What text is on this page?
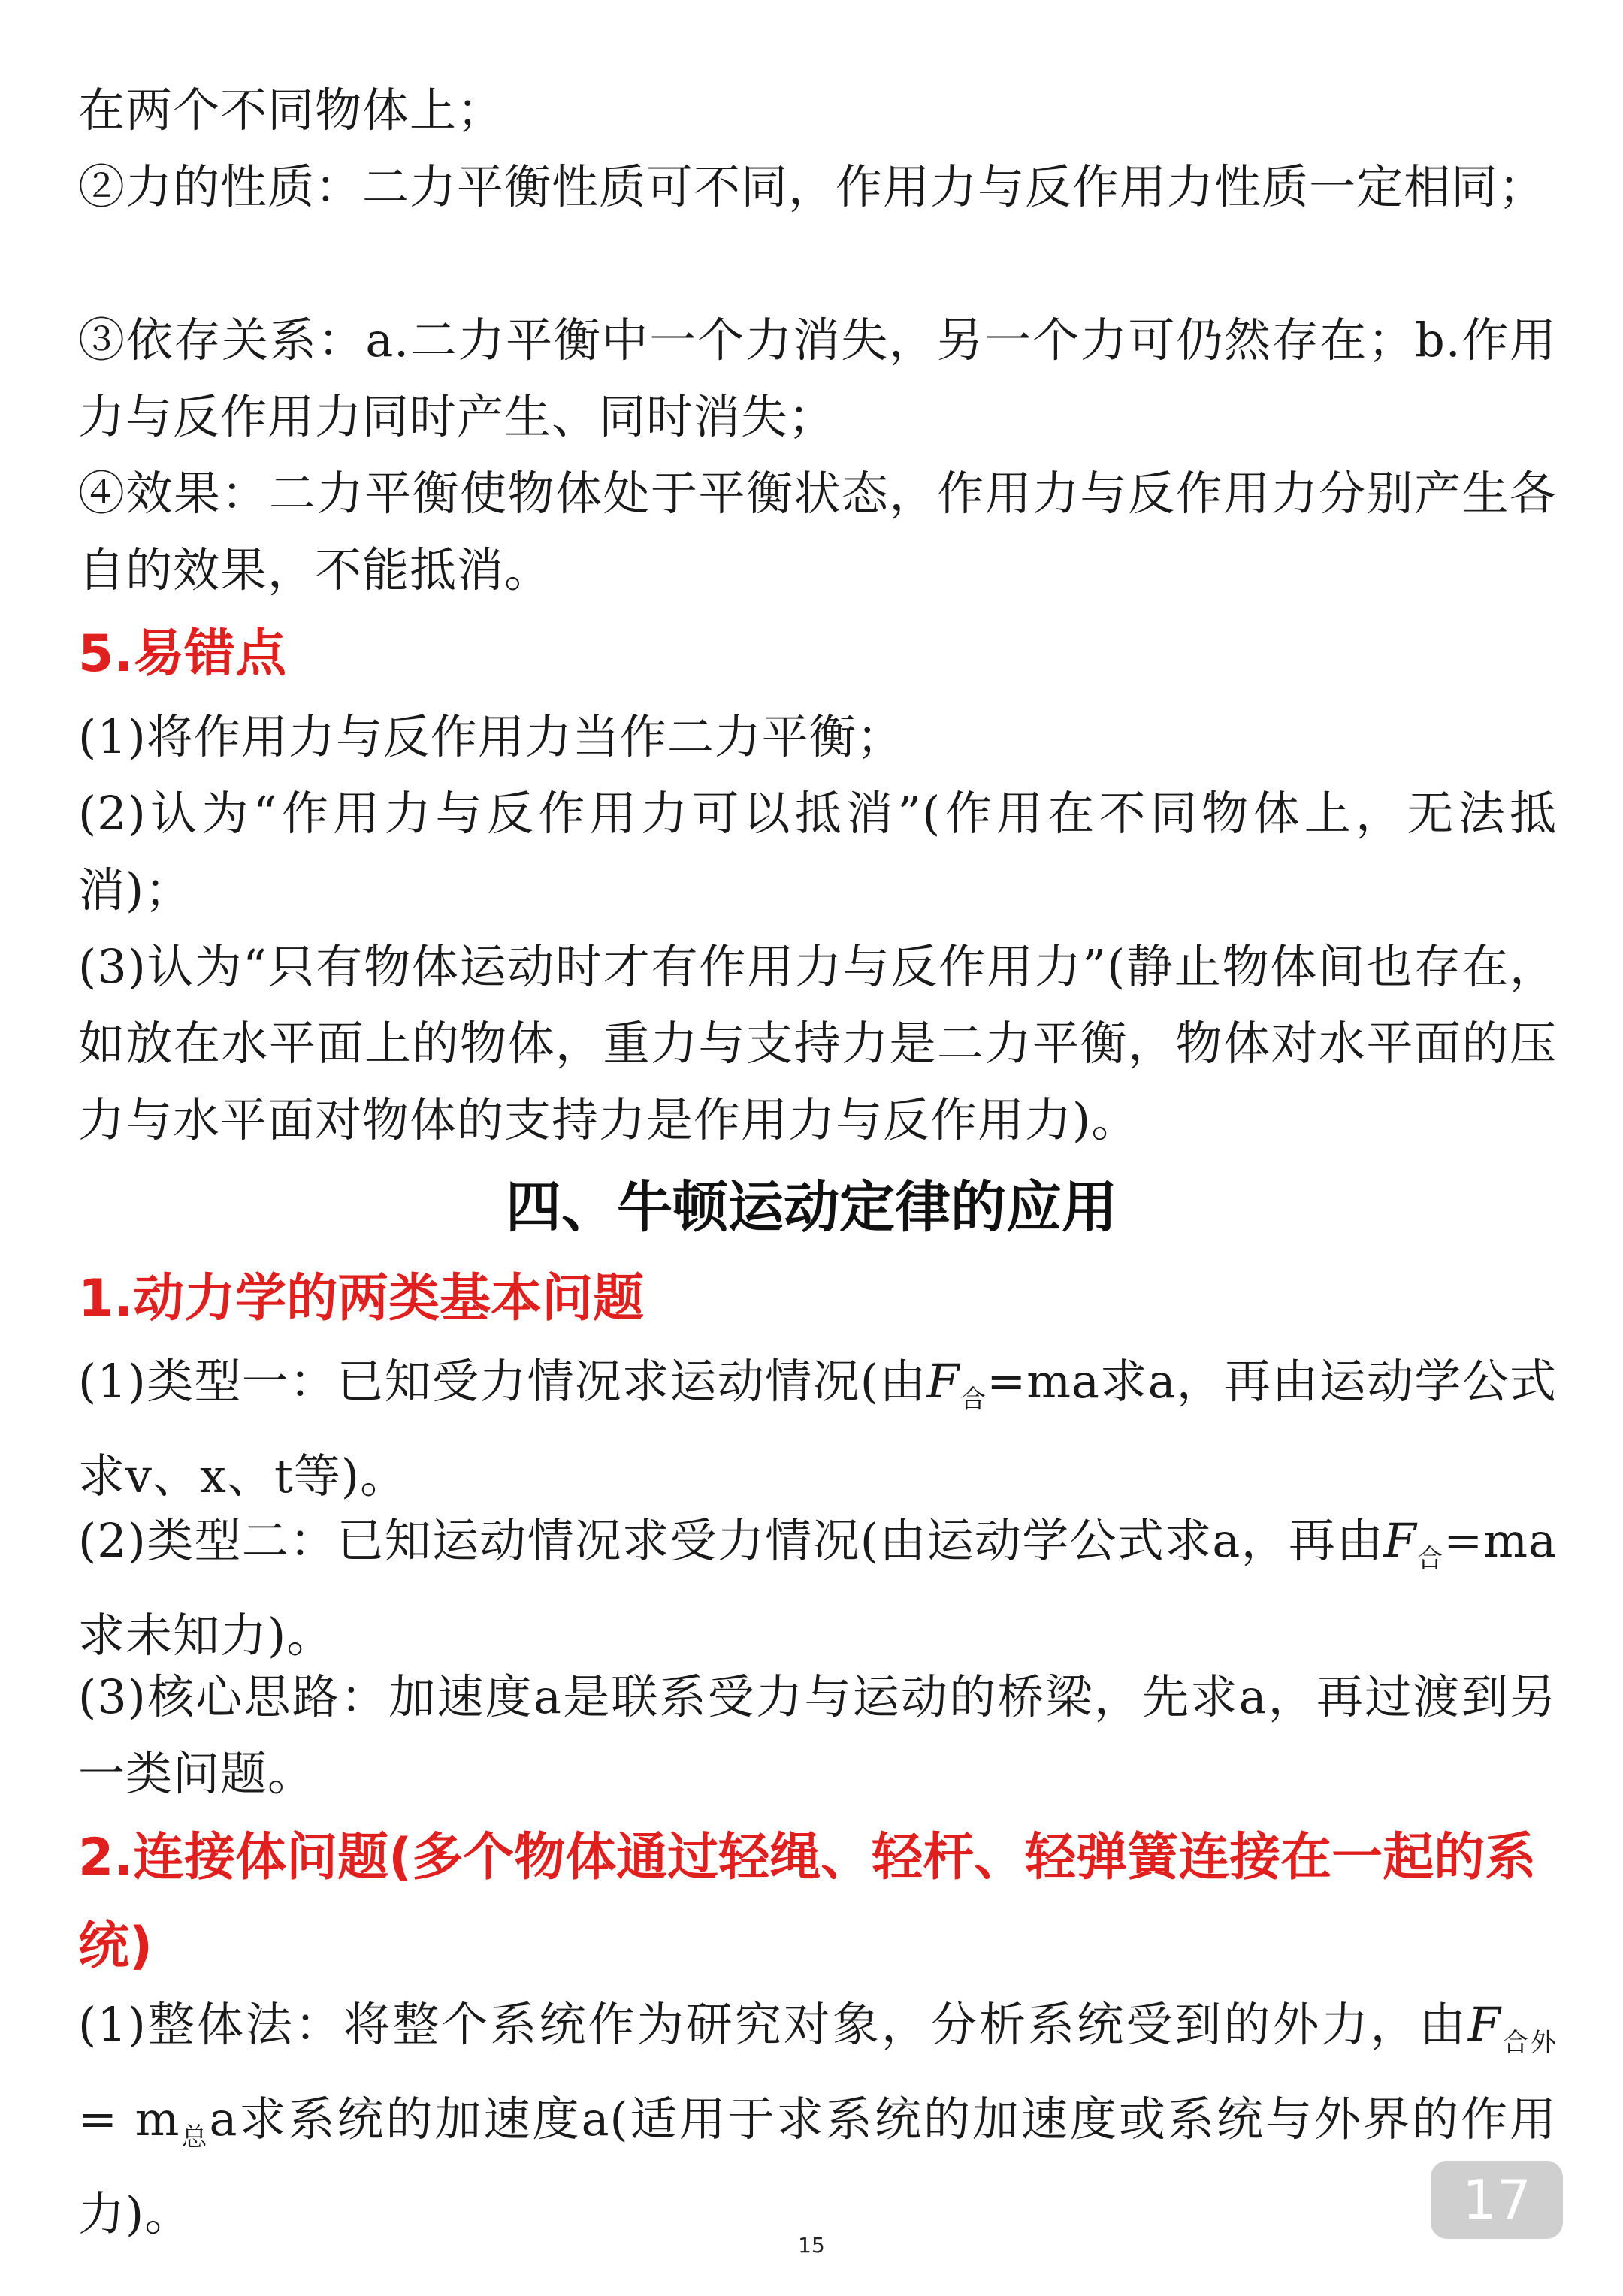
在两个不同物体上；
②力的性质：二力平衡性质可不同，作用力与反作用力性质一定相同；
③依存关系：a.二力平衡中一个力消失，另一个力可仍然存在；b.作用力与反作用力同时产生、同时消失；
④效果：二力平衡使物体处于平衡状态，作用力与反作用力分别产生各自的效果，不能抵消。
5.易错点
(1)将作用力与反作用力当作二力平衡；
(2)认为“作用力与反作用力可以抵消”(作用在不同物体上，无法抵消)；
(3)认为“只有物体运动时才有作用力与反作用力”(静止物体间也存在，如放在水平面上的物体，重力与支持力是二力平衡，物体对水平面的压力与水平面对物体的支持力是作用力与反作用力)。
四、牛顿运动定律的应用
1.动力学的两类基本问题
(1)类型一：已知受力情况求运动情况(由$F_合=ma$求a，再由运动学公式求v、x、t等)。
(2)类型二：已知运动情况求受力情况(由运动学公式求a，再由$F_合=ma$求未知力)。
(3)核心思路：加速度a是联系受力与运动的桥梁，先求a，再过渡到另一类问题。
2.连接体问题(多个物体通过轻绳、轻杆、轻弹簧连接在一起的系统)
(1)整体法：将整个系统作为研究对象，分析系统受到的外力，由$F_{合外} = m_总a$求系统的加速度a(适用于求系统的加速度或系统与外界的作用力)。	17
15
